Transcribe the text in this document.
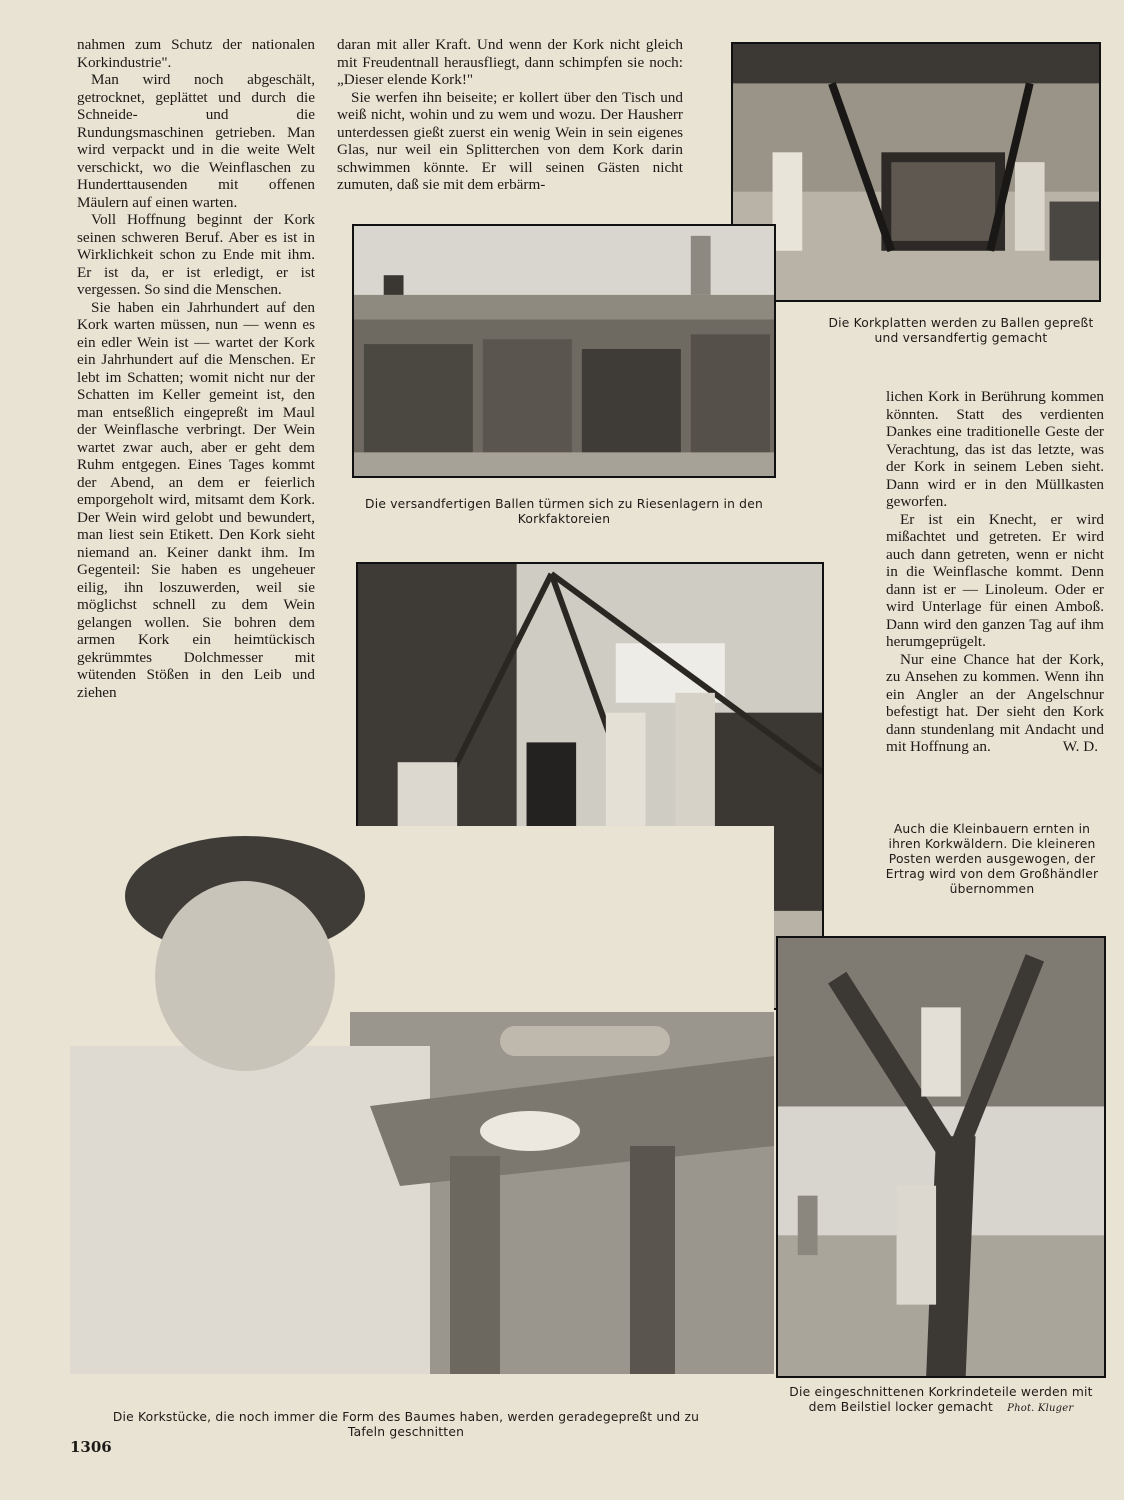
nahmen zum Schutz der nationalen Korkindustrie".

Man wird noch abgeschält, getrocknet, geplättet und durch die Schneide- und die Rundungsmaschinen getrieben. Man wird verpackt und in die weite Welt verschickt, wo die Weinflaschen zu Hunderttausenden mit offenen Mäulern auf einen warten.

Voll Hoffnung beginnt der Kork seinen schweren Beruf. Aber es ist in Wirklichkeit schon zu Ende mit ihm. Er ist da, er ist erledigt, er ist vergessen. So sind die Menschen.

Sie haben ein Jahrhundert auf den Kork warten müssen, nun — wenn es ein edler Wein ist — wartet der Kork ein Jahrhundert auf die Menschen. Er lebt im Schatten; womit nicht nur der Schatten im Keller gemeint ist, den man entseßlich eingepreßt im Maul der Weinflasche verbringt. Der Wein wartet zwar auch, aber er geht dem Ruhm entgegen. Eines Tages kommt der Abend, an dem er feierlich emporgeholt wird, mitsamt dem Kork. Der Wein wird gelobt und bewundert, man liest sein Etikett. Den Kork sieht niemand an. Keiner dankt ihm. Im Gegenteil: Sie haben es ungeheuer eilig, ihn loszuwerden, weil sie möglichst schnell zu dem Wein gelangen wollen. Sie bohren dem armen Kork ein heimtückisch gekrümmtes Dolchmesser mit wütenden Stößen in den Leib und ziehen

daran mit aller Kraft. Und wenn der Kork nicht gleich mit Freudentnall herausfliegt, dann schimpfen sie noch: „Dieser elende Kork!"

Sie werfen ihn beiseite; er kollert über den Tisch und weiß nicht, wohin und zu wem und wozu. Der Hausherr unterdessen gießt zuerst ein wenig Wein in sein eigenes Glas, nur weil ein Splitterchen von dem Kork darin schwimmen könnte. Er will seinen Gästen nicht zumuten, daß sie mit dem erbärm-

Die Korkplatten werden zu Ballen gepreßt und versandfertig gemacht
Die versandfertigen Ballen türmen sich zu Riesenlagern in den Korkfaktoreien

lichen Kork in Berührung kommen könnten. Statt des verdienten Dankes eine traditionelle Geste der Verachtung, das ist das letzte, was der Kork in seinem Leben sieht. Dann wird er in den Müllkasten geworfen.

Er ist ein Knecht, er wird mißachtet und getreten. Er wird auch dann getreten, wenn er nicht in die Weinflasche kommt. Denn dann ist er — Linoleum. Oder er wird Unterlage für einen Amboß. Dann wird den ganzen Tag auf ihm herumgeprügelt.

Nur eine Chance hat der Kork, zu Ansehen zu kommen. Wenn ihn ein Angler an der Angelschnur befestigt hat. Der sieht den Kork dann stundenlang mit Andacht und mit Hoffnung an.	W. D.

Auch die Kleinbauern ernten in ihren Korkwäldern. Die kleineren Posten werden ausgewogen, der Ertrag wird von dem Großhändler übernommen
Die Korkstücke, die noch immer die Form des Baumes haben, werden geradegepreßt und zu Tafeln geschnitten
Die eingeschnittenen Korkrindeteile werden mit dem Beilstiel locker gemacht Phot. Kluger
1306
